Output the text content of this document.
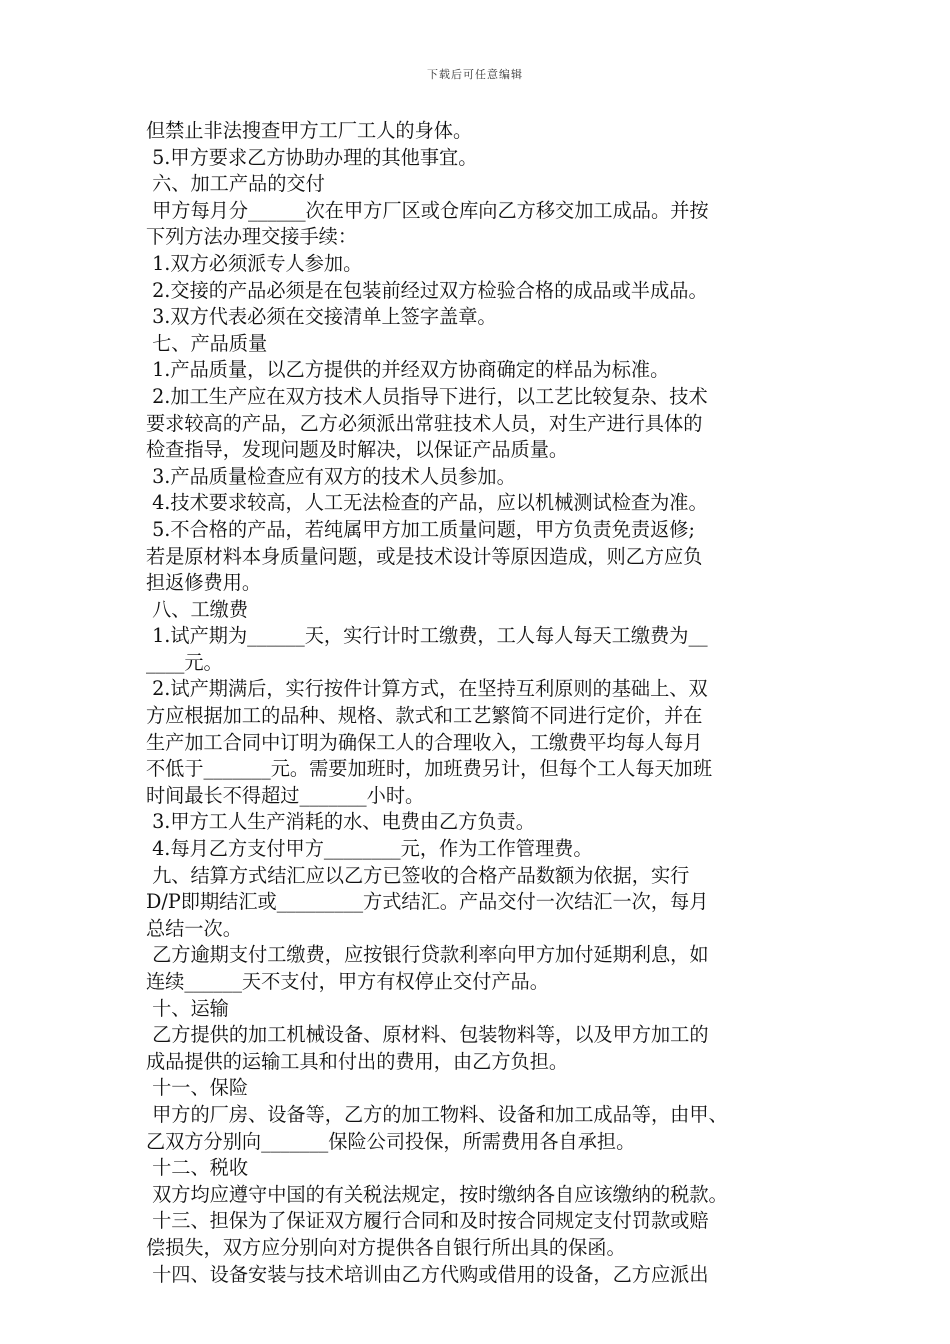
下载后可任意编辑
但禁止非法搜查甲方工厂工人的身体。
5.甲方要求乙方协助办理的其他事宜。
六、加工产品的交付
甲方每月分______次在甲方厂区或仓库向乙方移交加工成品。并按
下列方法办理交接手续：
1.双方必须派专人参加。
2.交接的产品必须是在包装前经过双方检验合格的成品或半成品。
3.双方代表必须在交接清单上签字盖章。
七、产品质量
1.产品质量，以乙方提供的并经双方协商确定的样品为标准。
2.加工生产应在双方技术人员指导下进行，以工艺比较复杂、技术
要求较高的产品，乙方必须派出常驻技术人员，对生产进行具体的
检查指导，发现问题及时解决，以保证产品质量。
3.产品质量检查应有双方的技术人员参加。
4.技术要求较高，人工无法检查的产品，应以机械测试检查为准。
5.不合格的产品，若纯属甲方加工质量问题，甲方负责免责返修;
若是原材料本身质量问题，或是技术设计等原因造成，则乙方应负
担返修费用。
八、工缴费
1.试产期为______天，实行计时工缴费，工人每人每天工缴费为__
____元。
2.试产期满后，实行按件计算方式，在坚持互利原则的基础上、双
方应根据加工的品种、规格、款式和工艺繁简不同进行定价，并在
生产加工合同中订明为确保工人的合理收入，工缴费平均每人每月
不低于_______元。需要加班时，加班费另计，但每个工人每天加班
时间最长不得超过_______小时。
3.甲方工人生产消耗的水、电费由乙方负责。
4.每月乙方支付甲方________元，作为工作管理费。
九、结算方式结汇应以乙方已签收的合格产品数额为依据，实行
D/P即期结汇或_________方式结汇。产品交付一次结汇一次，每月
总结一次。
乙方逾期支付工缴费，应按银行贷款利率向甲方加付延期利息，如
连续______天不支付，甲方有权停止交付产品。
十、运输
乙方提供的加工机械设备、原材料、包装物料等，以及甲方加工的
成品提供的运输工具和付出的费用，由乙方负担。
十一、保险
甲方的厂房、设备等，乙方的加工物料、设备和加工成品等，由甲、
乙双方分别向_______保险公司投保，所需费用各自承担。
十二、税收
双方均应遵守中国的有关税法规定，按时缴纳各自应该缴纳的税款。
十三、担保为了保证双方履行合同和及时按合同规定支付罚款或赔
偿损失，双方应分别向对方提供各自银行所出具的保函。
十四、设备安装与技术培训由乙方代购或借用的设备，乙方应派出
